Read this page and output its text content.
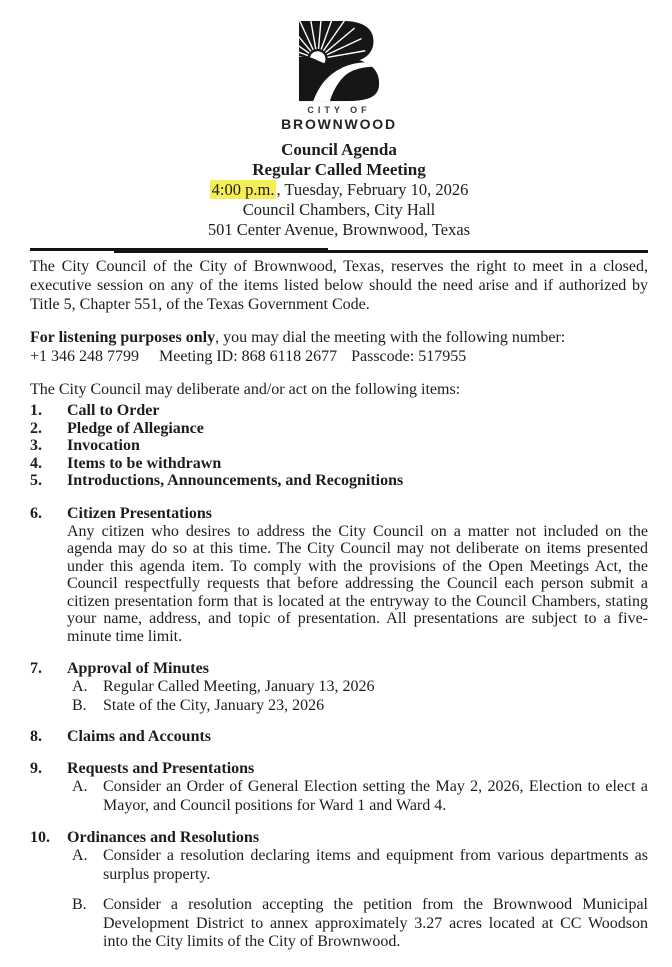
CITY OF
BROWNWOOD
Council Agenda
Regular Called Meeting
4:00 p.m. , Tuesday, February 10, 2026
Council Chambers, City Hall
501 Center Avenue, Brownwood, Texas

The City Council of the City of Brownwood, Texas, reserves the right to meet in a closed, executive session on any of the items listed below should the need arise and if authorized by Title 5, Chapter 551, of the Texas Government Code.

For listening purposes only, you may dial the meeting with the following number:
+1 346 248 7799 Meeting ID: 868 6118 2677 Passcode: 517955
The City Council may deliberate and/or act on the following items:
1.	Call to Order
2.	Pledge of Allegiance
3.	Invocation
4.	Items to be withdrawn
5.	Introductions, Announcements, and Recognitions
6.	Citizen Presentations

Any citizen who desires to address the City Council on a matter not included on the agenda may do so at this time. The City Council may not deliberate on items presented under this agenda item. To comply with the provisions of the Open Meetings Act, the Council respectfully requests that before addressing the Council each person submit a citizen presentation form that is located at the entryway to the Council Chambers, stating your name, address, and topic of presentation. All presentations are subject to a five-minute time limit.

7.	Approval of Minutes
A. Regular Called Meeting, January 13, 2026
B.	State of the City, January 23, 2026
8.	Claims and Accounts
9.	Requests and Presentations
A. Consider an Order of General Election setting the May 2, 2026, Election to elect a Mayor, and Council positions for Ward 1 and Ward 4.
10.	Ordinances and Resolutions
A. Consider a resolution declaring items and equipment from various departments as surplus property.
B.	Consider a resolution accepting the petition from the Brownwood Municipal Development District to annex approximately 3.27 acres located at CC Woodson into the City limits of the City of Brownwood.
